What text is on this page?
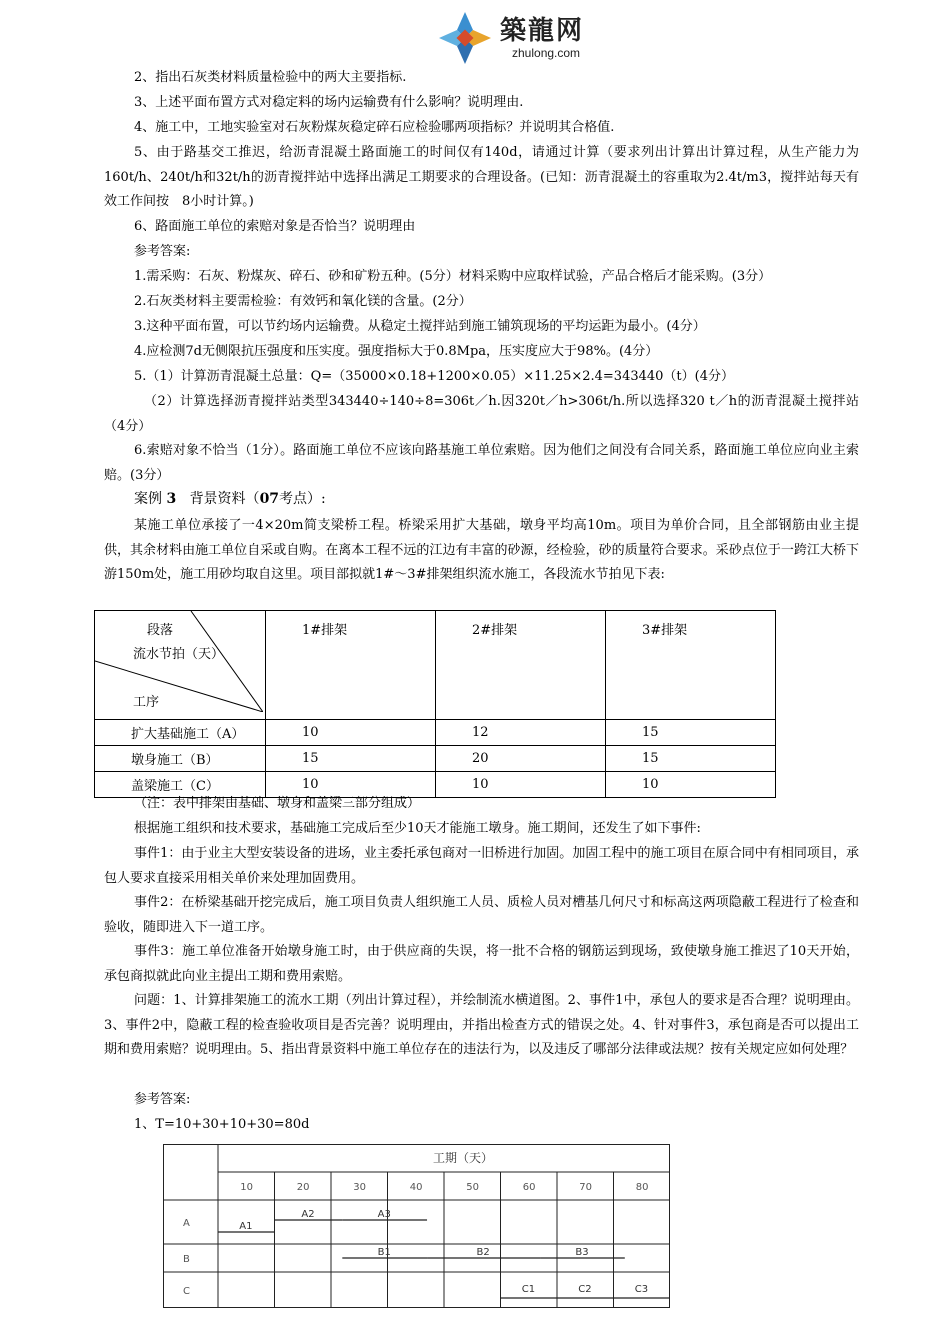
築龍网
zhulong.com

2、指出石灰类材料质量检验中的两大主要指标.

3、上述平面布置方式对稳定料的场内运输费有什么影响？说明理由.

4、施工中，工地实验室对石灰粉煤灰稳定碎石应检验哪两项指标？并说明其合格值.

5、由于路基交工推迟，给沥青混凝土路面施工的时间仅有140d，请通过计算（要求列出计算出计算过程，从生产能力为160t/h、240t/h和32t/h的沥青搅拌站中选择出满足工期要求的合理设备。(已知：沥青混凝土的容重取为2.4t/m3，搅拌站每天有效工作间按　8小时计算。)

6、路面施工单位的索赔对象是否恰当？说明理由

参考答案:

1.需采购：石灰、粉煤灰、碎石、砂和矿粉五种。(5分）材料采购中应取样试验，产品合格后才能采购。(3分）

2.石灰类材料主要需检验：有效钙和氧化镁的含量。(2分）

3.这种平面布置，可以节约场内运输费。从稳定土搅拌站到施工铺筑现场的平均运距为最小。(4分）

4.应检测7d无侧限抗压强度和压实度。强度指标大于0.8Mpa，压实度应大于98%。(4分）

5.（1）计算沥青混凝土总量：Q=（35000×0.18+1200×0.05）×11.25×2.4=343440（t）(4分）

（2）计算选择沥青搅拌站类型343440÷140÷8=306t／h.因320t／h>306t/h.所以选择320 t／h的沥青混凝土搅拌站（4分）

6.索赔对象不恰当（1分）。路面施工单位不应该向路基施工单位索赔。因为他们之间没有合同关系，路面施工单位应向业主索赔。(3分）

案例 3 背景资料（07考点）:

某施工单位承接了一4×20m简支梁桥工程。桥梁采用扩大基础，墩身平均高10m。项目为单价合同，且全部钢筋由业主提供，其余材料由施工单位自采或自购。在离本工程不远的江边有丰富的砂源，经检验，砂的质量符合要求。采砂点位于一跨江大桥下游150m处，施工用砂均取自这里。项目部拟就1#～3#排架组织流水施工，各段流水节拍见下表:

段落
流水节拍（天）
工序	1#排架	2#排架	3#排架
扩大基础施工（A）	10	12	15
墩身施工（B）	15	20	15
盖梁施工（C）	10	10	10

（注：表中排架由基础、墩身和盖梁三部分组成）

根据施工组织和技术要求，基础施工完成后至少10天才能施工墩身。施工期间，还发生了如下事件:

事件1：由于业主大型安装设备的进场，业主委托承包商对一旧桥进行加固。加固工程中的施工项目在原合同中有相同项目，承包人要求直接采用相关单价来处理加固费用。

事件2：在桥梁基础开挖完成后，施工项目负责人组织施工人员、质检人员对槽基几何尺寸和标高这两项隐蔽工程进行了检查和验收，随即进入下一道工序。

事件3：施工单位准备开始墩身施工时，由于供应商的失误，将一批不合格的钢筋运到现场，致使墩身施工推迟了10天开始，承包商拟就此向业主提出工期和费用索赔。

问题：1、计算排架施工的流水工期（列出计算过程），并绘制流水横道图。2、事件1中，承包人的要求是否合理？说明理由。3、事件2中，隐蔽工程的检查验收项目是否完善？说明理由，并指出检查方式的错误之处。4、针对事件3，承包商是否可以提出工期和费用索赔？说明理由。5、指出背景资料中施工单位存在的违法行为，以及违反了哪部分法律或法规？按有关规定应如何处理？

参考答案:

1、T=10+30+10+30=80d

工期（天）
10	20	30	40	50	60	70	80
A
B
C
A1
A2	A3
B1	B2	B3
C1	C2	C3
